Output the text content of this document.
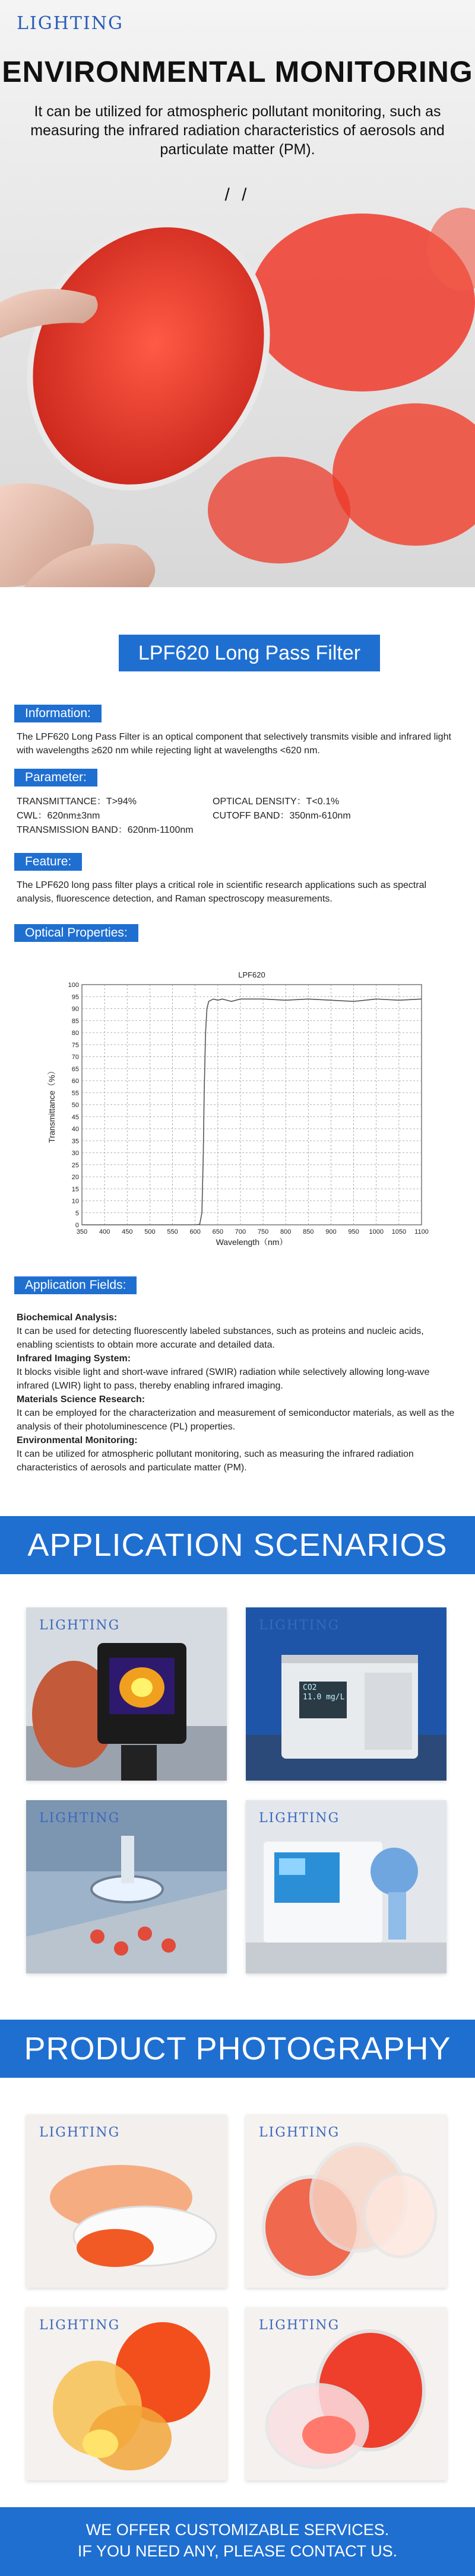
LIGHTING
ENVIRONMENTAL MONITORING
It can be utilized for atmospheric pollutant monitoring, such as measuring the infrared radiation characteristics of aerosols and particulate matter (PM).
/ /
LPF620 Long Pass Filter
Information:
The LPF620 Long Pass Filter is an optical component that selectively transmits visible and infrared light with wavelengths ≥620 nm while rejecting light at wavelengths <620 nm.
Parameter:
TRANSMITTANCE：T>94%	OPTICAL DENSITY：T<0.1%
CWL：620nm±3nm	CUTOFF BAND：350nm-610nm
TRANSMISSION BAND：620nm-1100nm
Feature:
The LPF620 long pass filter plays a critical role in scientific research applications such as spectral analysis, fluorescence detection, and Raman spectroscopy measurements.
Optical Properties:
350 400 450 500 550 600 650 700 750 800 850 900 950 1000 1050 1100
0
5
10
15
20
25
30
35
40
45
50
55
60
65
70
75
80
85
90
95
100
LPF620
Wavelength（nm）
Transmittance（%）
Application Fields:
Biochemical Analysis:
It can be used for detecting fluorescently labeled substances, such as proteins and nucleic acids, enabling scientists to obtain more accurate and detailed data.
Infrared Imaging System:
It blocks visible light and short-wave infrared (SWIR) radiation while selectively allowing long-wave infrared (LWIR) light to pass, thereby enabling infrared imaging.
Materials Science Research:
It can be employed for the characterization and measurement of semiconductor materials, as well as the analysis of their photoluminescence (PL) properties.
Environmental Monitoring:
It can be utilized for atmospheric pollutant monitoring, such as measuring the infrared radiation characteristics of aerosols and particulate matter (PM).
APPLICATION SCENARIOS
LIGHTING	LIGHTING
CO2
11.0 mg/L
LIGHTING	LIGHTING
PRODUCT PHOTOGRAPHY
LIGHTING	LIGHTING
LIGHTING	LIGHTING
WE OFFER CUSTOMIZABLE SERVICES.
IF YOU NEED ANY, PLEASE CONTACT US.
